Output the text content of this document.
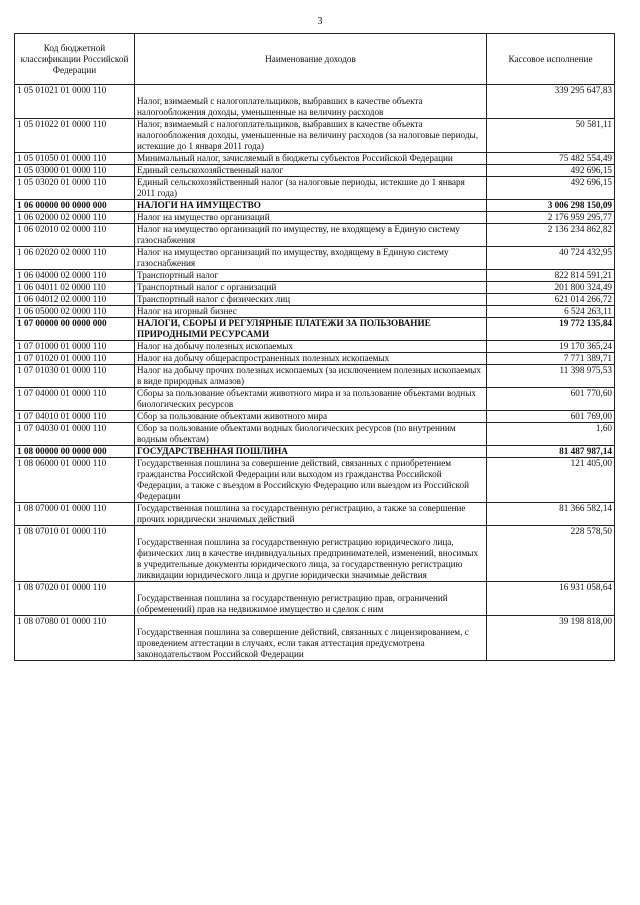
3
Код бюджетной классификации Российской Федерации	Наименование доходов	Кассовое исполнение
1 05 01021 01 0000 110	Налог, взимаемый с налогоплательщиков, выбравших в качестве объекта налогообложения доходы, уменьшенные на величину расходов	339 295 647,83
1 05 01022 01 0000 110	Налог, взимаемый с налогоплательщиков, выбравших в качестве объекта налогообложения доходы, уменьшенные на величину расходов (за налоговые периоды, истекшие до 1 января 2011 года)	50 581,11
1 05 01050 01 0000 110	Минимальный налог, зачисляемый в бюджеты субъектов Российской Федерации	75 482 554,49
1 05 03000 01 0000 110	Единый сельскохозяйственный налог	492 696,15
1 05 03020 01 0000 110	Единый сельскохозяйственный налог (за налоговые периоды, истекшие до 1 января 2011 года)	492 696,15
1 06 00000 00 0000 000	НАЛОГИ НА ИМУЩЕСТВО	3 006 298 150,09
1 06 02000 02 0000 110	Налог на имущество организаций	2 176 959 295,77
1 06 02010 02 0000 110	Налог на имущество организаций по имуществу, не входящему в Единую систему газоснабжения	2 136 234 862,82
1 06 02020 02 0000 110	Налог на имущество организаций по имуществу, входящему в Единую систему газоснабжения	40 724 432,95
1 06 04000 02 0000 110	Транспортный налог	822 814 591,21
1 06 04011 02 0000 110	Транспортный налог с организаций	201 800 324,49
1 06 04012 02 0000 110	Транспортный налог с физических лиц	621 014 266,72
1 06 05000 02 0000 110	Налог на игорный бизнес	6 524 263,11
1 07 00000 00 0000 000	НАЛОГИ, СБОРЫ И РЕГУЛЯРНЫЕ ПЛАТЕЖИ ЗА ПОЛЬЗОВАНИЕ ПРИРОДНЫМИ РЕСУРСАМИ	19 772 135,84
1 07 01000 01 0000 110	Налог на добычу полезных ископаемых	19 170 365,24
1 07 01020 01 0000 110	Налог на добычу общераспространенных полезных ископаемых	7 771 389,71
1 07 01030 01 0000 110	Налог на добычу прочих полезных ископаемых (за исключением полезных ископаемых в виде природных алмазов)	11 398 975,53
1 07 04000 01 0000 110	Сборы за пользование объектами животного мира и за пользование объектами водных биологических ресурсов	601 770,60
1 07 04010 01 0000 110	Сбор за пользование объектами животного мира	601 769,00
1 07 04030 01 0000 110	Сбор за пользование объектами водных биологических ресурсов (по внутренним водным объектам)	1,60
1 08 00000 00 0000 000	ГОСУДАРСТВЕННАЯ ПОШЛИНА	81 487 987,14
1 08 06000 01 0000 110	Государственная пошлина за совершение действий, связанных с приобретением гражданства Российской Федерации или выходом из гражданства Российской Федерации, а также с въездом в Российскую Федерацию или выездом из Российской Федерации	121 405,00
1 08 07000 01 0000 110	Государственная пошлина за государственную регистрацию, а также за совершение прочих юридически значимых действий	81 366 582,14
1 08 07010 01 0000 110	Государственная пошлина за государственную регистрацию юридического лица, физических лиц в качестве индивидуальных предпринимателей, изменений, вносимых в учредительные документы юридического лица, за государственную регистрацию ликвидации юридического лица и другие юридически значимые действия	228 578,50
1 08 07020 01 0000 110	Государственная пошлина за государственную регистрацию прав, ограничений (обременений) прав на недвижимое имущество и сделок с ним	16 931 058,64
1 08 07080 01 0000 110	Государственная пошлина за совершение действий, связанных с лицензированием, с проведением аттестации в случаях, если такая аттестация предусмотрена законодательством Российской Федерации	39 198 818,00
